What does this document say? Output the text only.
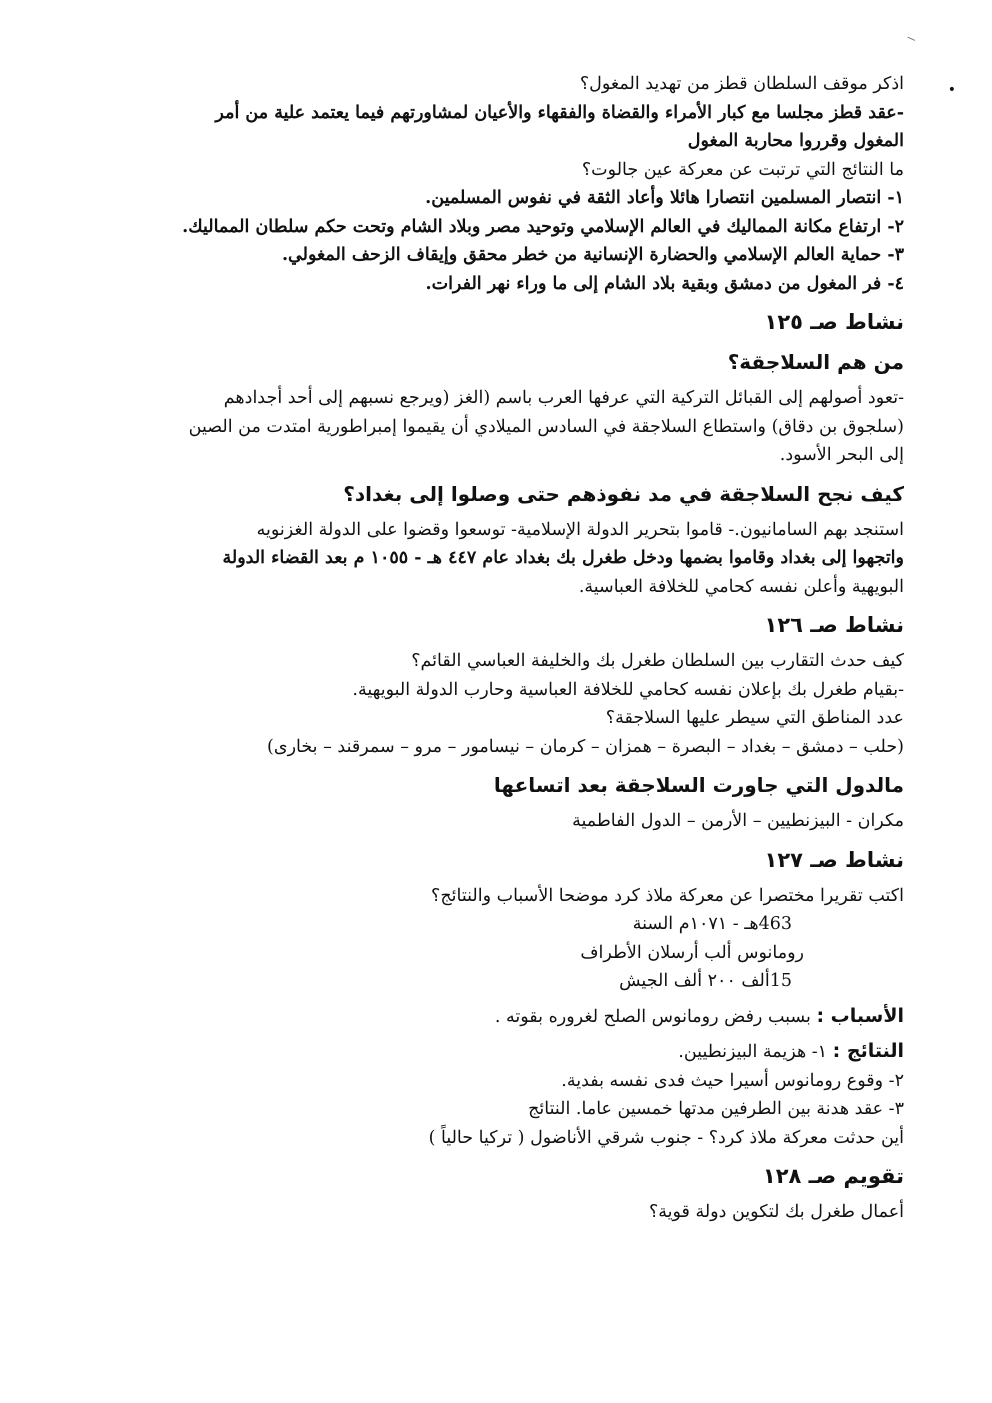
•

اذكر موقف السلطان قطز من تهديد المغول؟

-عقد قطز مجلسا مع كبار الأمراء والقضاة والفقهاء والأعيان لمشاورتهم فيما يعتمد علية من أمر

المغول وقرروا محاربة المغول

ما النتائج التي ترتبت عن معركة عين جالوت؟

١- انتصار المسلمين انتصارا هائلا وأعاد الثقة في نفوس المسلمين.

٢- ارتفاع مكانة المماليك في العالم الإسلامي وتوحيد مصر وبلاد الشام وتحت حكم سلطان المماليك.

٣- حماية العالم الإسلامي والحضارة الإنسانية من خطر محقق وإيقاف الزحف المغولي.

٤- فر المغول من دمشق وبقية بلاد الشام إلى ما وراء نهر الفرات.

نشاط صـ ١٢٥

من هم السلاجقة؟

-تعود أصولهم إلى القبائل التركية التي عرفها العرب باسم (الغز (ويرجع نسبهم إلى أحد أجدادهم

(سلجوق بن دقاق) واستطاع السلاجقة في السادس الميلادي أن يقيموا إمبراطورية امتدت من الصين

إلى البحر الأسود.

كيف نجح السلاجقة في مد نفوذهم حتى وصلوا إلى بغداد؟

استنجد بهم السامانيون.- قاموا بتحرير الدولة الإسلامية- توسعوا وقضوا على الدولة الغزنويه

واتجهوا إلى بغداد وقاموا بضمها ودخل طغرل بك بغداد عام ٤٤٧ هـ - ١٠٥٥ م بعد القضاء الدولة

البويهية وأعلن نفسه كحامي للخلافة العباسية.

نشاط صـ ١٢٦

كيف حدث التقارب بين السلطان طغرل بك والخليفة العباسي القائم؟

-بقيام طغرل بك بإعلان نفسه كحامي للخلافة العباسية وحارب الدولة البويهية.

عدد المناطق التي سيطر عليها السلاجقة؟

(حلب – دمشق – بغداد – البصرة – همزان – كرمان – نيسامور – مرو – سمرقند – بخارى)

مالدول التي جاورت السلاجقة بعد اتساعها

مكران - البيزنطيين – الأرمن – الدول الفاطمية

نشاط صـ ١٢٧

اكتب تقريرا مختصرا عن معركة ملاذ كرد موضحا الأسباب والنتائج؟

463هـ - ١٠٧١م السنة

رومانوس ألب أرسلان الأطراف

15ألف ٢٠٠ ألف الجيش

الأسباب : بسبب رفض رومانوس الصلح لغروره بقوته .

النتائج : ١- هزيمة البيزنطيين.

٢- وقوع رومانوس أسيرا حيث فدى نفسه بفدية.

٣- عقد هدنة بين الطرفين مدتها خمسين عاما. النتائج

أين حدثت معركة ملاذ كرد؟ - جنوب شرقي الأناضول ( تركيا حالياً )

تقويم صـ ١٢٨

أعمال طغرل بك لتكوين دولة قوية؟
